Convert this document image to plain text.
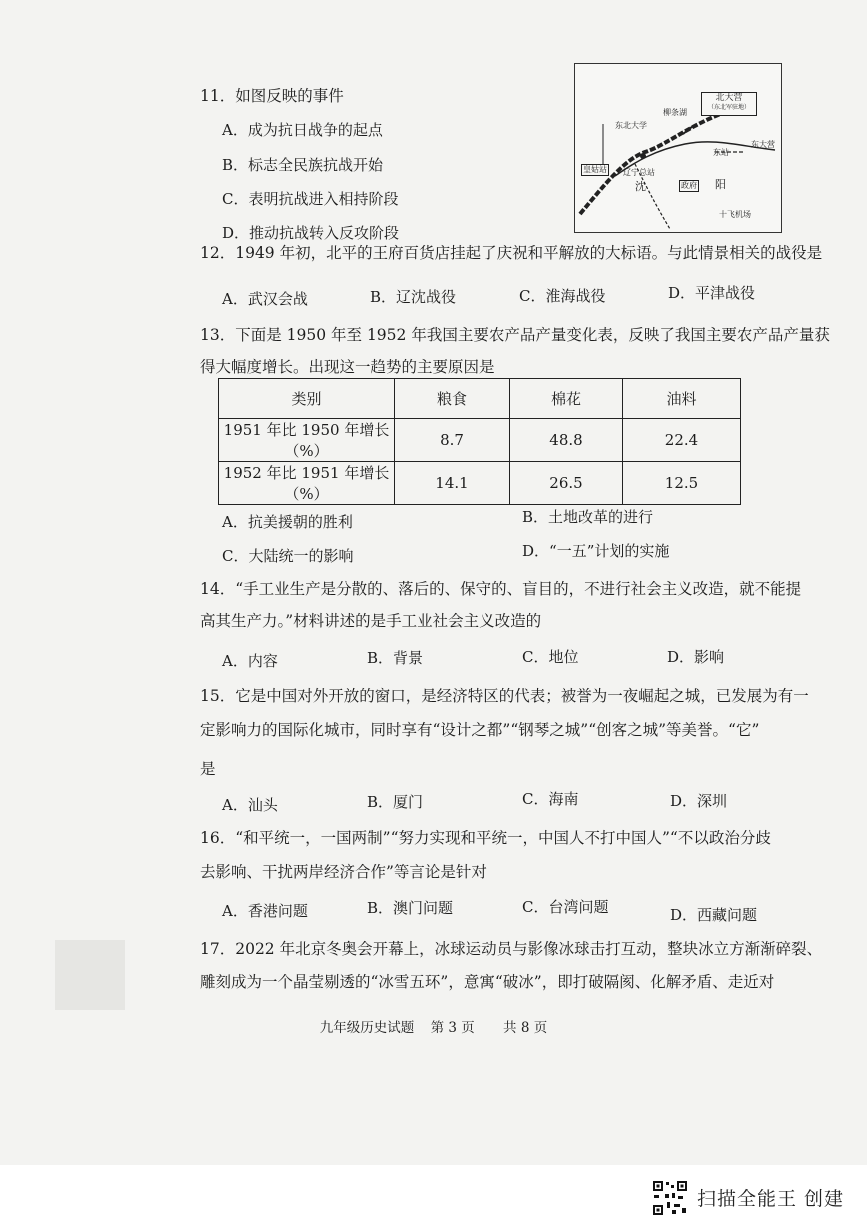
11．如图反映的事件
A．成为抗日战争的起点
B．标志全民族抗战开始
C．表明抗战进入相持阶段
D．推动抗战转入反攻阶段
北大营
（东北军驻地）
柳条湖
东北大学
皇姑站 辽宁总站
沈	政府 阳
东站
东大营
十飞机场
12．1949 年初，北平的王府百货店挂起了庆祝和平解放的大标语。与此情景相关的战役是
A．武汉会战	B．辽沈战役	C．淮海战役	D．平津战役
13．下面是 1950 年至 1952 年我国主要农产品产量变化表，反映了我国主要农产品产量获
得大幅度增长。出现这一趋势的主要原因是
类别	粮食	棉花	油料
1951 年比 1950 年增长（%）	8.7	48.8	22.4
1952 年比 1951 年增长（%）	14.1	26.5	12.5
A．抗美援朝的胜利	B．土地改革的进行
C．大陆统一的影响	D．“一五”计划的实施
14．“手工业生产是分散的、落后的、保守的、盲目的，不进行社会主义改造，就不能提
高其生产力。”材料讲述的是手工业社会主义改造的
A．内容	B．背景	C．地位	D．影响
15．它是中国对外开放的窗口，是经济特区的代表；被誉为一夜崛起之城，已发展为有一
定影响力的国际化城市，同时享有“设计之都”“钢琴之城”“创客之城”等美誉。“它”
是
A．汕头	B．厦门	C．海南	D．深圳
16．“和平统一，一国两制”“努力实现和平统一，中国人不打中国人”“不以政治分歧
去影响、干扰两岸经济合作”等言论是针对
A．香港问题	B．澳门问题	C．台湾问题	D．西藏问题
17．2022 年北京冬奥会开幕上，冰球运动员与影像冰球击打互动，整块冰立方渐渐碎裂、
雕刻成为一个晶莹剔透的“冰雪五环”，意寓“破冰”，即打破隔阂、化解矛盾、走近对
九年级历史试题 第 3 页 共 8 页
扫描全能王 创建
